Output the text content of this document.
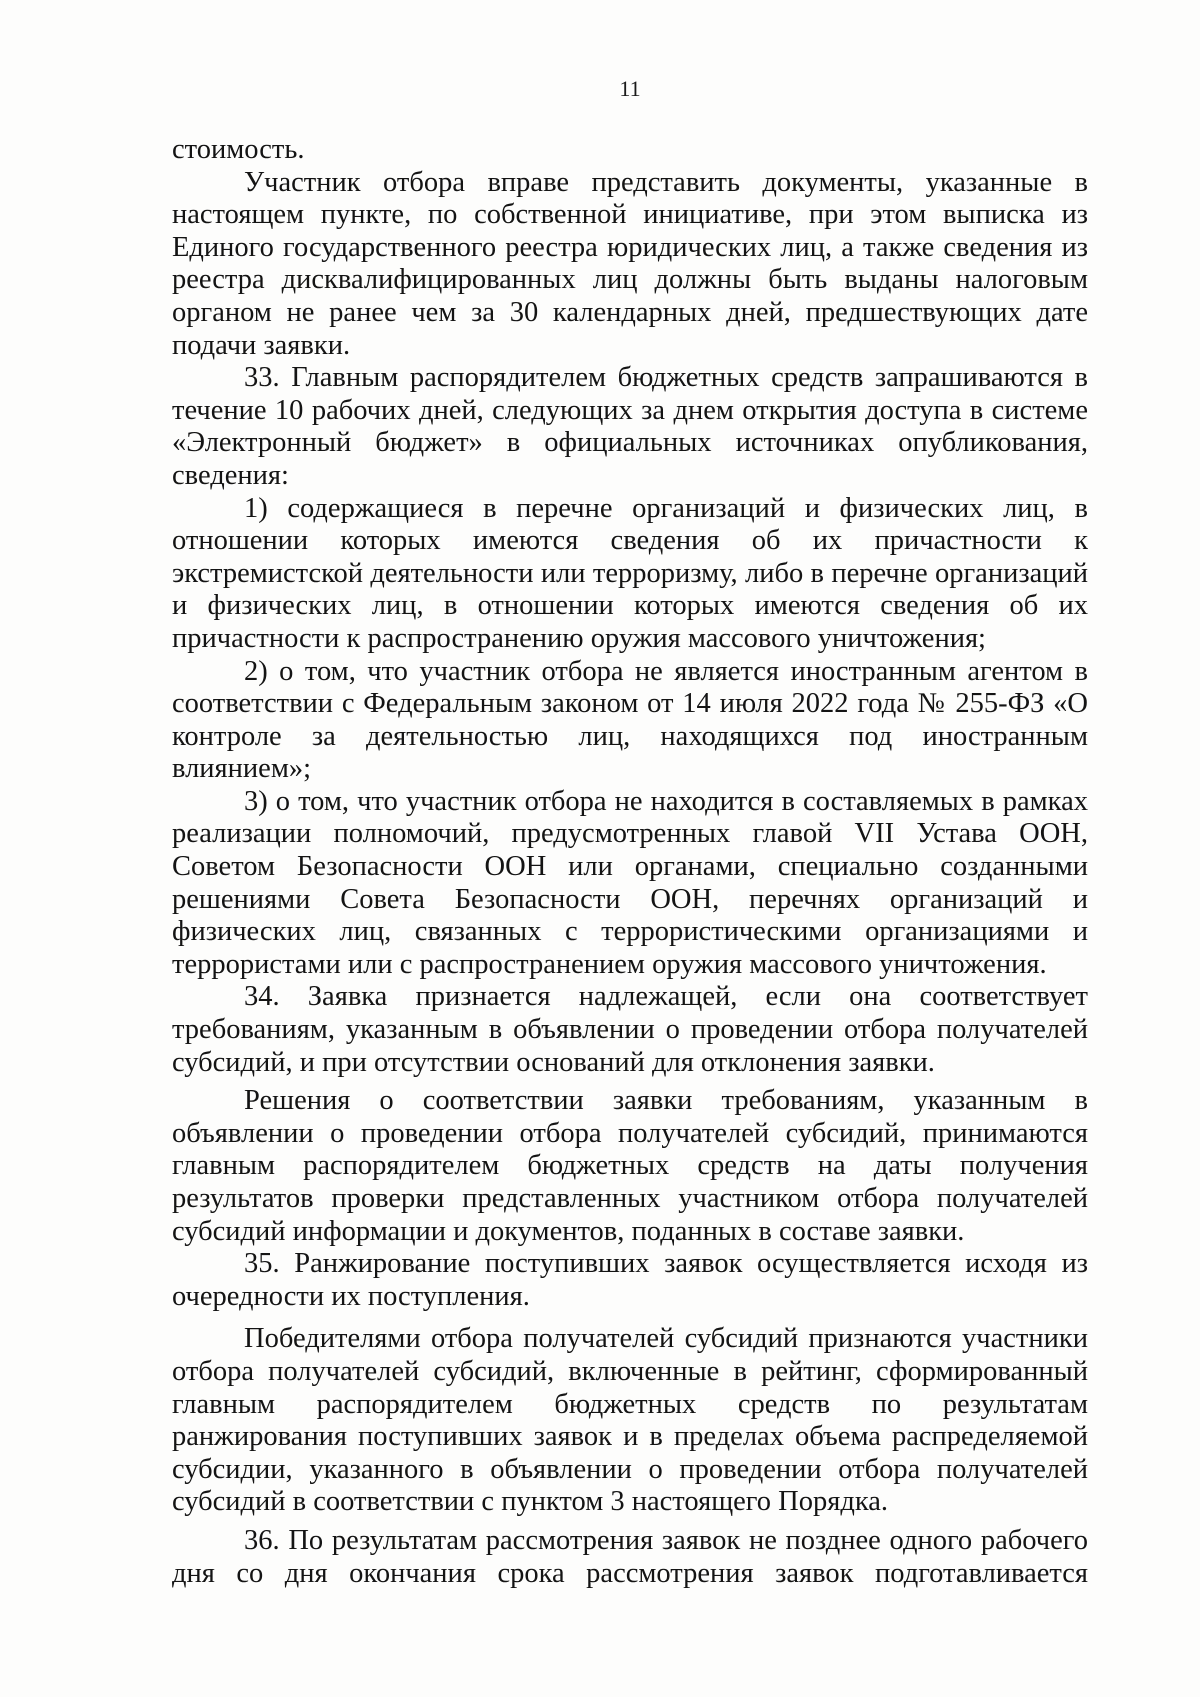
11

стоимость.

Участник отбора вправе представить документы, указанные в настоящем пункте, по собственной инициативе, при этом выписка из Единого государственного реестра юридических лиц, а также сведения из реестра дисквалифицированных лиц должны быть выданы налоговым органом не ранее чем за 30 календарных дней, предшествующих дате подачи заявки.

33. Главным распорядителем бюджетных средств запрашиваются в течение 10 рабочих дней, следующих за днем открытия доступа в системе «Электронный бюджет» в официальных источниках опубликования, сведения:

1) содержащиеся в перечне организаций и физических лиц, в отношении которых имеются сведения об их причастности к экстремистской деятельности или терроризму, либо в перечне организаций и физических лиц, в отношении которых имеются сведения об их причастности к распространению оружия массового уничтожения;

2) о том, что участник отбора не является иностранным агентом в соответствии с Федеральным законом от 14 июля 2022 года № 255-ФЗ «О контроле за деятельностью лиц, находящихся под иностранным влиянием»;

3) о том, что участник отбора не находится в составляемых в рамках реализации полномочий, предусмотренных главой VII Устава ООН, Советом Безопасности ООН или органами, специально созданными решениями Совета Безопасности ООН, перечнях организаций и физических лиц, связанных с террористическими организациями и террористами или с распространением оружия массового уничтожения.

34. Заявка признается надлежащей, если она соответствует требованиям, указанным в объявлении о проведении отбора получателей субсидий, и при отсутствии оснований для отклонения заявки.

Решения о соответствии заявки требованиям, указанным в объявлении о проведении отбора получателей субсидий, принимаются главным распорядителем бюджетных средств на даты получения результатов проверки представленных участником отбора получателей субсидий информации и документов, поданных в составе заявки.

35. Ранжирование поступивших заявок осуществляется исходя из очередности их поступления.

Победителями отбора получателей субсидий признаются участники отбора получателей субсидий, включенные в рейтинг, сформированный главным распорядителем бюджетных средств по результатам ранжирования поступивших заявок и в пределах объема распределяемой субсидии, указанного в объявлении о проведении отбора получателей субсидий в соответствии с пунктом 3 настоящего Порядка.

36. По результатам рассмотрения заявок не позднее одного рабочего дня со дня окончания срока рассмотрения заявок подготавливается
